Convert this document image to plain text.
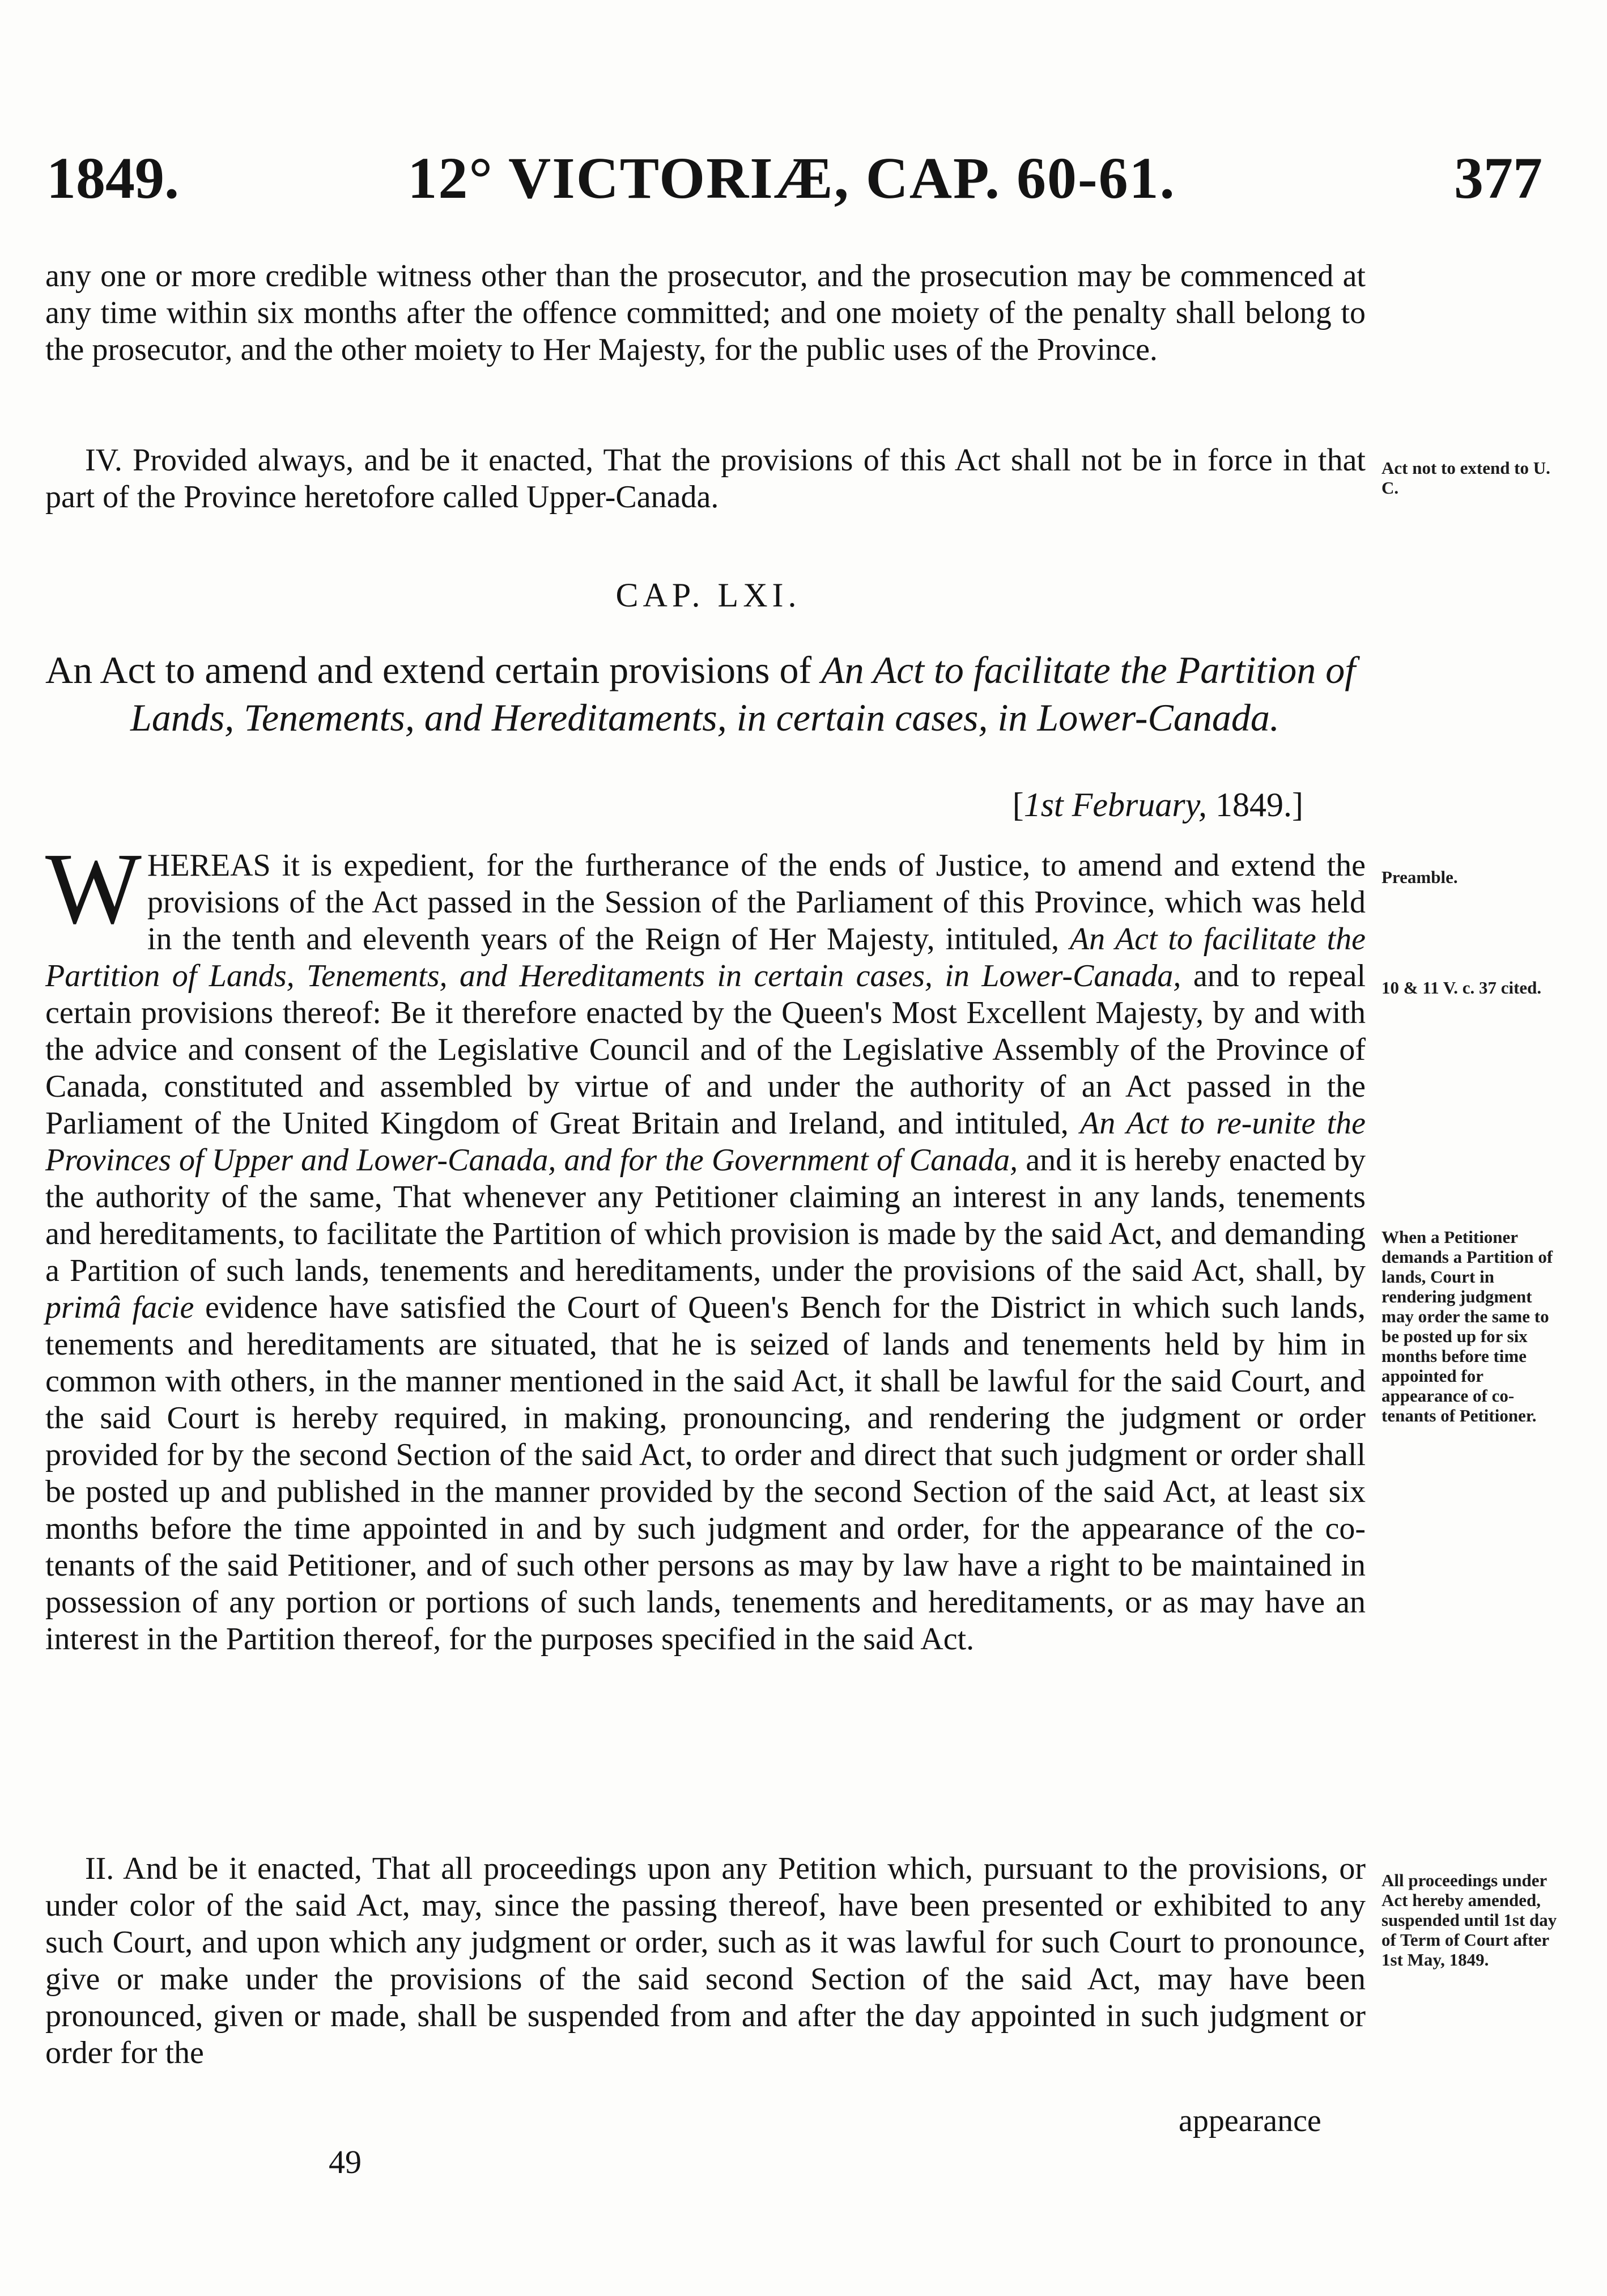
1849.	12° VICTORIÆ, CAP. 60-61.	377

any one or more credible witness other than the prosecutor, and the prosecution may be commenced at any time within six months after the offence committed; and one moiety of the penalty shall belong to the prosecutor, and the other moiety to Her Majesty, for the public uses of the Province.

IV. Provided always, and be it enacted, That the provisions of this Act shall not be in force in that part of the Province heretofore called Upper-Canada.

Act not to extend to U. C.
CAP. LXI.
An Act to amend and extend certain provisions of An Act to facilitate the Partition of Lands, Tenements, and Hereditaments, in certain cases, in Lower-Canada.
[1st February, 1849.]

WHEREAS it is expedient, for the furtherance of the ends of Justice, to amend and extend the provisions of the Act passed in the Session of the Parliament of this Province, which was held in the tenth and eleventh years of the Reign of Her Majesty, intituled, An Act to facilitate the Partition of Lands, Tenements, and Hereditaments in certain cases, in Lower-Canada, and to repeal certain provisions thereof: Be it therefore enacted by the Queen's Most Excellent Majesty, by and with the advice and consent of the Legislative Council and of the Legislative Assembly of the Province of Canada, constituted and assembled by virtue of and under the authority of an Act passed in the Parliament of the United Kingdom of Great Britain and Ireland, and intituled, An Act to re-unite the Provinces of Upper and Lower-Canada, and for the Government of Canada, and it is hereby enacted by the authority of the same, That whenever any Petitioner claiming an interest in any lands, tenements and hereditaments, to facilitate the Partition of which provision is made by the said Act, and demanding a Partition of such lands, tenements and hereditaments, under the provisions of the said Act, shall, by primâ facie evidence have satisfied the Court of Queen's Bench for the District in which such lands, tenements and hereditaments are situated, that he is seized of lands and tenements held by him in common with others, in the manner mentioned in the said Act, it shall be lawful for the said Court, and the said Court is hereby required, in making, pronouncing, and rendering the judgment or order provided for by the second Section of the said Act, to order and direct that such judgment or order shall be posted up and published in the manner provided by the second Section of the said Act, at least six months before the time appointed in and by such judgment and order, for the appearance of the co-tenants of the said Petitioner, and of such other persons as may by law have a right to be maintained in possession of any portion or portions of such lands, tenements and hereditaments, or as may have an interest in the Partition thereof, for the purposes specified in the said Act.

Preamble.
10 & 11 V. c. 37 cited.
When a Petitioner demands a Partition of lands, Court in rendering judgment may order the same to be posted up for six months before time appointed for appearance of co-tenants of Petitioner.

II. And be it enacted, That all proceedings upon any Petition which, pursuant to the provisions, or under color of the said Act, may, since the passing thereof, have been presented or exhibited to any such Court, and upon which any judgment or order, such as it was lawful for such Court to pronounce, give or make under the provisions of the said second Section of the said Act, may have been pronounced, given or made, shall be suspended from and after the day appointed in such judgment or order for the

All proceedings under Act hereby amended, suspended until 1st day of Term of Court after 1st May, 1849.
appearance
49
